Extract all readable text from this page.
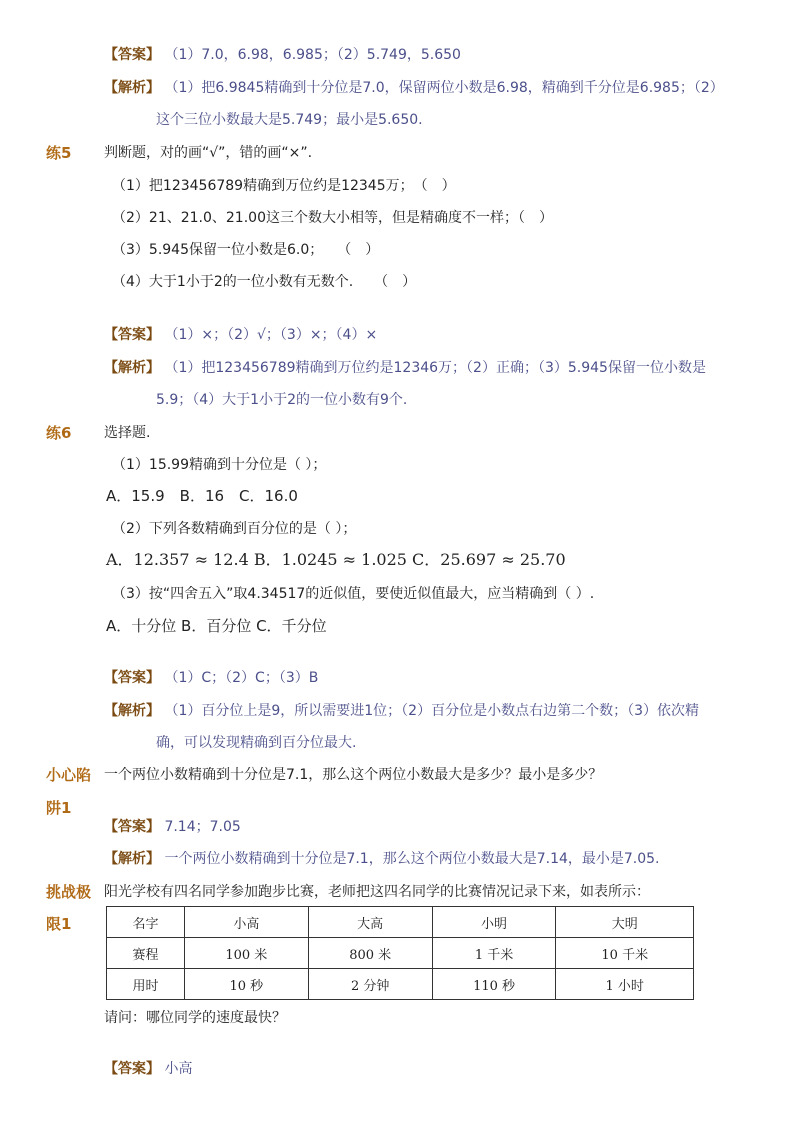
【答案】 （1）7.0，6.98，6.985；（2）5.749，5.650
【解析】 （1）把6.9845精确到十分位是7.0，保留两位小数是6.98，精确到千分位是6.985；（2）
这个三位小数最大是5.749；最小是5.650.
练5 判断题，对的画“√”，错的画“×”.
（1）把123456789精确到万位约是12345万；　（　）
（2）21、21.0、21.00这三个数大小相等，但是精确度不一样；（　）
（3）5.945保留一位小数是6.0；　　（　）
（4）大于1小于2的一位小数有无数个.　　（　）
【答案】 （1）×；（2）√；（3）×；（4）×
【解析】 （1）把123456789精确到万位约是12346万；（2）正确；（3）5.945保留一位小数是
5.9；（4）大于1小于2的一位小数有9个.
练6 选择题.
（1）15.99精确到十分位是（ ）；
A．15.9　B．16　C．16.0
（2）下列各数精确到百分位的是（ ）；
A．12.357 ≈ 12.4 B．1.0245 ≈ 1.025 C．25.697 ≈ 25.70
（3）按“四舍五入”取4.34517的近似值，要使近似值最大，应当精确到（ ）.
A．十分位 B．百分位 C．千分位
【答案】 （1）C；（2）C；（3）B
【解析】 （1）百分位上是9，所以需要进1位；（2）百分位是小数点右边第二个数；（3）依次精
确，可以发现精确到百分位最大.
小心陷
阱1
一个两位小数精确到十分位是7.1，那么这个两位小数最大是多少？最小是多少？
【答案】 7.14；7.05
【解析】 一个两位小数精确到十分位是7.1，那么这个两位小数最大是7.14，最小是7.05.
挑战极
限1
阳光学校有四名同学参加跑步比赛，老师把这四名同学的比赛情况记录下来，如表所示：
名字	小高	大高	小明	大明
赛程	100 米	800 米	1 千米	10 千米
用时	10 秒	2 分钟	110 秒	1 小时
请问：哪位同学的速度最快？
【答案】 小高
